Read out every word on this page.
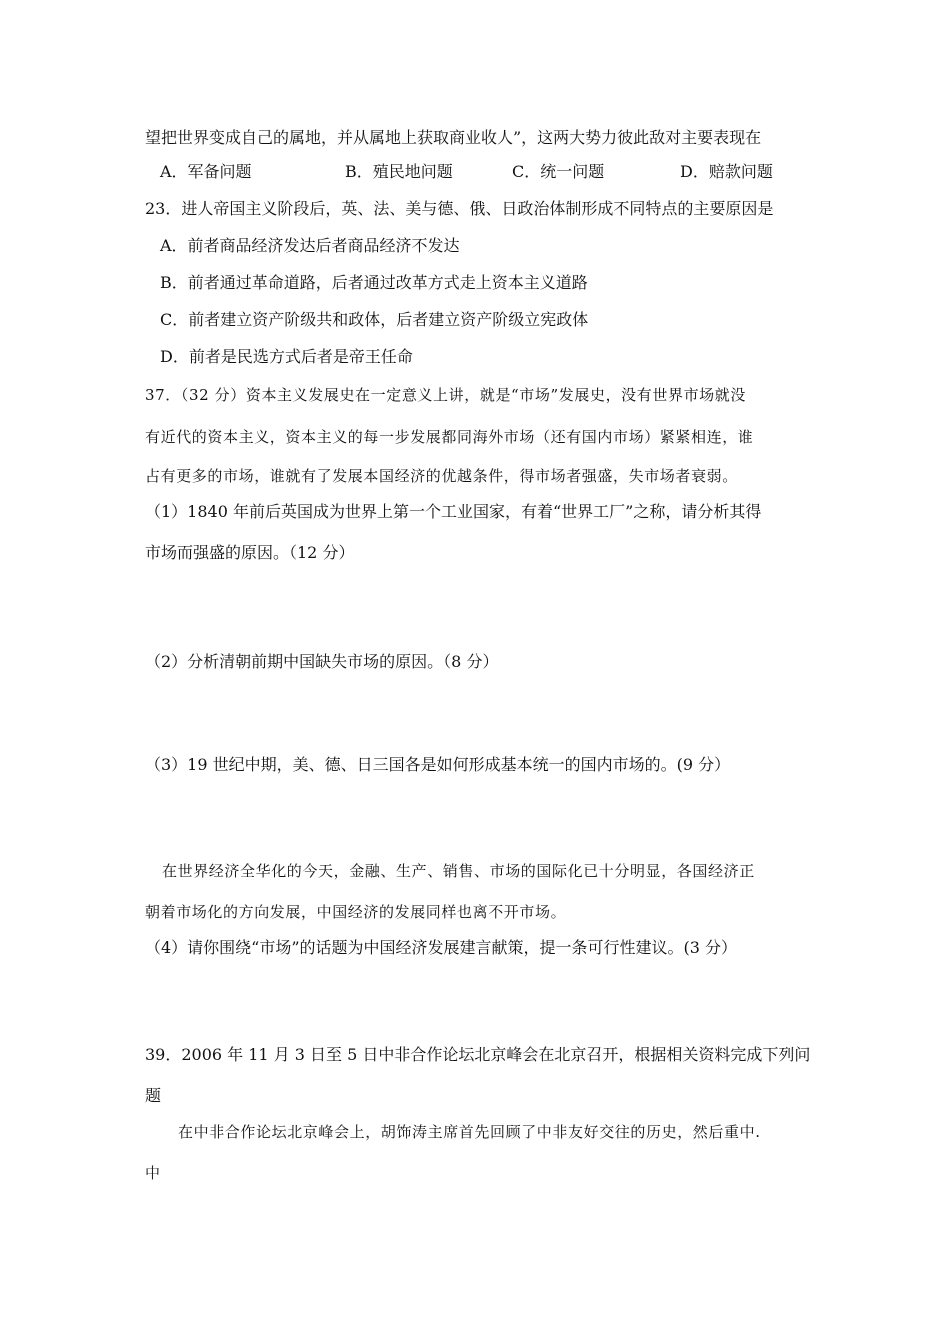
望把世界变成自己的属地，并从属地上获取商业收人”，这两大势力彼此敌对主要表现在
A．军备问题	B．殖民地问题	C．统一问题	D．赔款问题
23．进人帝国主义阶段后，英、法、美与德、俄、日政治体制形成不同特点的主要原因是
A．前者商品经济发达后者商品经济不发达
B．前者通过革命道路，后者通过改革方式走上资本主义道路
C．前者建立资产阶级共和政体，后者建立资产阶级立宪政体
D．前者是民选方式后者是帝王任命
37．（32 分）资本主义发展史在一定意义上讲，就是“市场”发展史，没有世界市场就没
有近代的资本主义，资本主义的每一步发展都同海外市场（还有国内市场）紧紧相连，谁
占有更多的市场，谁就有了发展本国经济的优越条件，得市场者强盛，失市场者衰弱。
（1）1840 年前后英国成为世界上第一个工业国家，有着“世界工厂”之称，请分析其得
市场而强盛的原因。（12 分）
（2）分析清朝前期中国缺失市场的原因。（8 分）
（3）19 世纪中期，美、德、日三国各是如何形成基本统一的国内市场的。(9 分）
在世界经济全华化的今天，金融、生产、销售、市场的国际化已十分明显，各国经济正
朝着市场化的方向发展，中国经济的发展同样也离不开市场。
（4）请你围绕“市场”的话题为中国经济发展建言献策，提一条可行性建议。(3 分）
39．2006 年 11 月 3 日至 5 日中非合作论坛北京峰会在北京召开，根据相关资料完成下列问
题
在中非合作论坛北京峰会上，胡饰涛主席首先回顾了中非友好交往的历史，然后重中.
中
